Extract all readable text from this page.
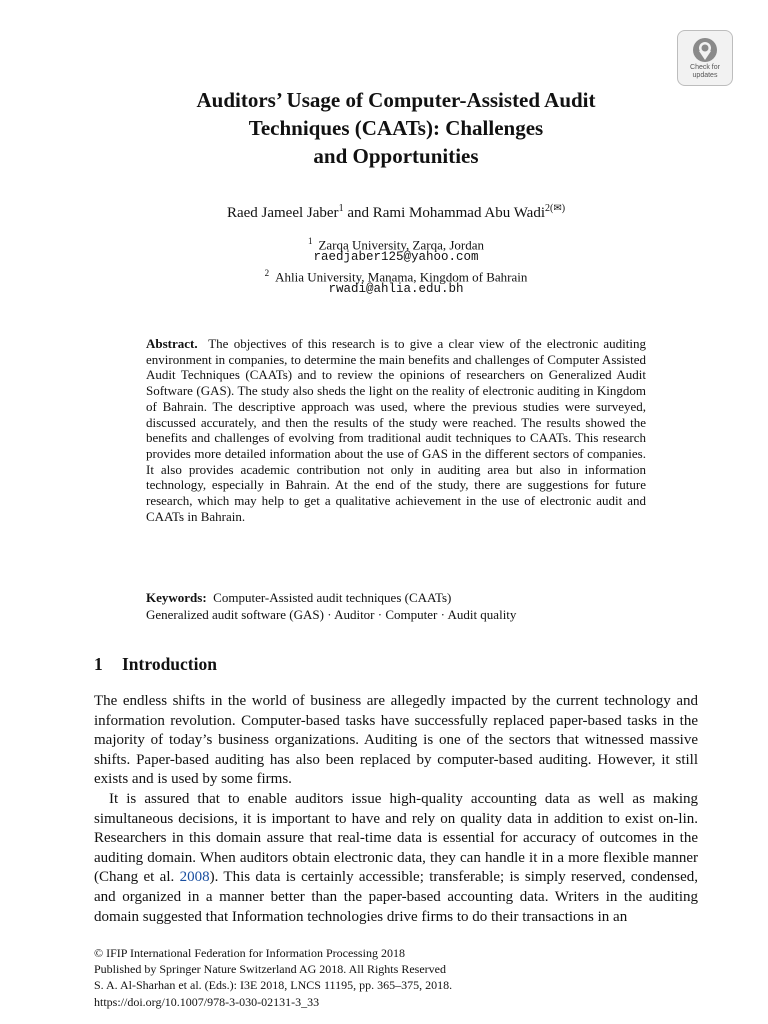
Check for
updates
Auditors’ Usage of Computer-Assisted Audit
Techniques (CAATs): Challenges
and Opportunities
Raed Jameel Jaber$^1$ and Rami Mohammad Abu Wadi$^{2(✉)}$
$^1$ Zarqa University, Zarqa, Jordan
raedjaber125@yahoo.com
$^2$ Ahlia University, Manama, Kingdom of Bahrain
rwadi@ahlia.edu.bh

Abstract. The objectives of this research is to give a clear view of the electronic auditing environment in companies, to determine the main benefits and challenges of Computer Assisted Audit Techniques (CAATs) and to review the opinions of researchers on Generalized Audit Software (GAS). The study also sheds the light on the reality of electronic auditing in Kingdom of Bahrain. The descriptive approach was used, where the previous studies were surveyed, discussed accurately, and then the results of the study were reached. The results showed the benefits and challenges of evolving from traditional audit techniques to CAATs. This research provides more detailed information about the use of GAS in the different sectors of companies. It also provides academic contribution not only in auditing area but also in information technology, especially in Bahrain. At the end of the study, there are suggestions for future research, which may help to get a qualitative achievement in the use of electronic audit and CAATs in Bahrain.

Keywords: Computer-Assisted audit techniques (CAATs)
Generalized audit software (GAS) · Auditor · Computer · Audit quality
1 Introduction

The endless shifts in the world of business are allegedly impacted by the current technology and information revolution. Computer-based tasks have successfully replaced paper-based tasks in the majority of today’s business organizations. Auditing is one of the sectors that witnessed massive shifts. Paper-based auditing has also been replaced by computer-based auditing. However, it still exists and is used by some firms.

It is assured that to enable auditors issue high-quality accounting data as well as making simultaneous decisions, it is important to have and rely on quality data in addition to exist on-lin. Researchers in this domain assure that real-time data is essential for accuracy of outcomes in the auditing domain. When auditors obtain electronic data, they can handle it in a more flexible manner (Chang et al. 2008). This data is certainly accessible; transferable; is simply reserved, condensed, and organized in a manner better than the paper-based accounting data. Writers in the auditing domain suggested that Information technologies drive firms to do their transactions in an

© IFIP International Federation for Information Processing 2018
Published by Springer Nature Switzerland AG 2018. All Rights Reserved
S. A. Al-Sharhan et al. (Eds.): I3E 2018, LNCS 11195, pp. 365–375, 2018.
https://doi.org/10.1007/978-3-030-02131-3_33
